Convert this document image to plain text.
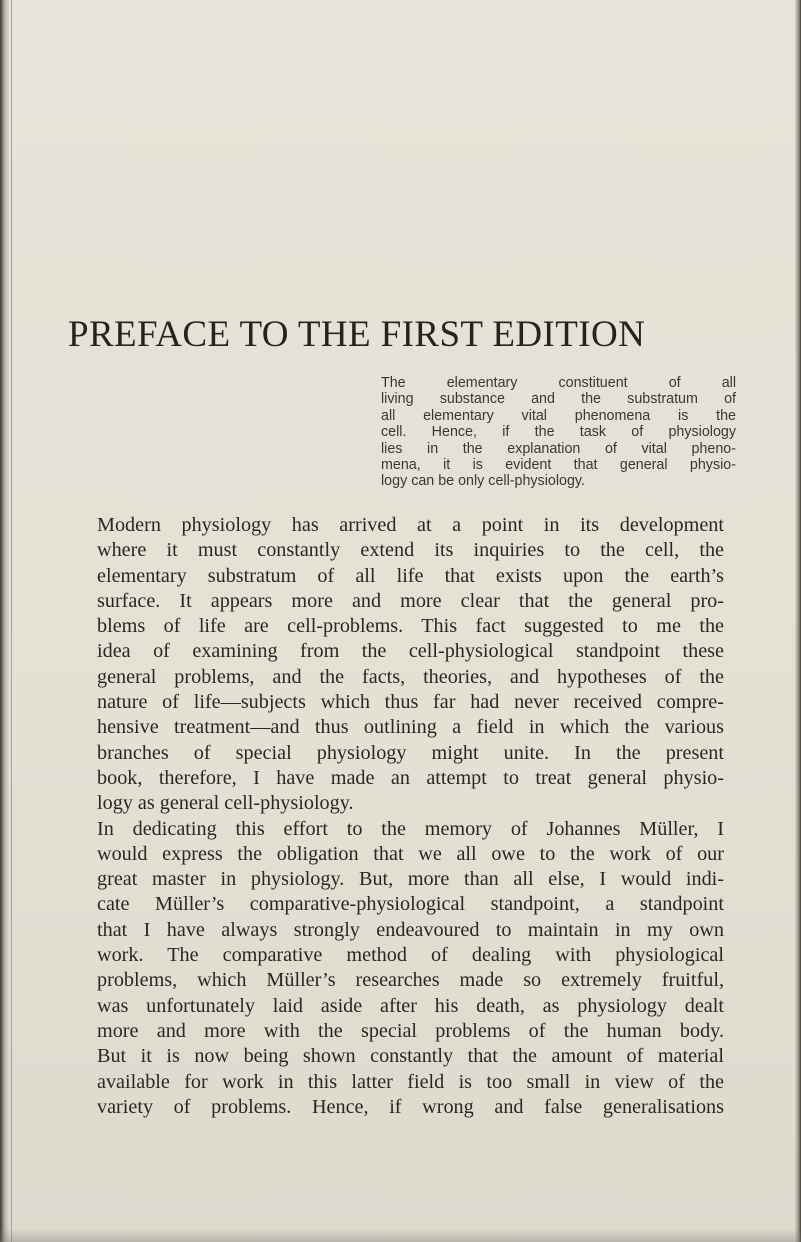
PREFACE TO THE FIRST EDITION
The elementary constituent of all
living substance and the substratum of
all elementary vital phenomena is the
cell. Hence, if the task of physiology
lies in the explanation of vital pheno-
mena, it is evident that general physio-
logy can be only cell-physiology.
Modern physiology has arrived at a point in its development
where it must constantly extend its inquiries to the cell, the
elementary substratum of all life that exists upon the earth’s
surface. It appears more and more clear that the general pro-
blems of life are cell-problems. This fact suggested to me the
idea of examining from the cell-physiological standpoint these
general problems, and the facts, theories, and hypotheses of the
nature of life—subjects which thus far had never received compre-
hensive treatment—and thus outlining a field in which the various
branches of special physiology might unite. In the present
book, therefore, I have made an attempt to treat general physio-
logy as general cell-physiology.
In dedicating this effort to the memory of Johannes Müller, I
would express the obligation that we all owe to the work of our
great master in physiology. But, more than all else, I would indi-
cate Müller’s comparative-physiological standpoint, a standpoint
that I have always strongly endeavoured to maintain in my own
work. The comparative method of dealing with physiological
problems, which Müller’s researches made so extremely fruitful,
was unfortunately laid aside after his death, as physiology dealt
more and more with the special problems of the human body.
But it is now being shown constantly that the amount of material
available for work in this latter field is too small in view of the
variety of problems. Hence, if wrong and false generalisations
